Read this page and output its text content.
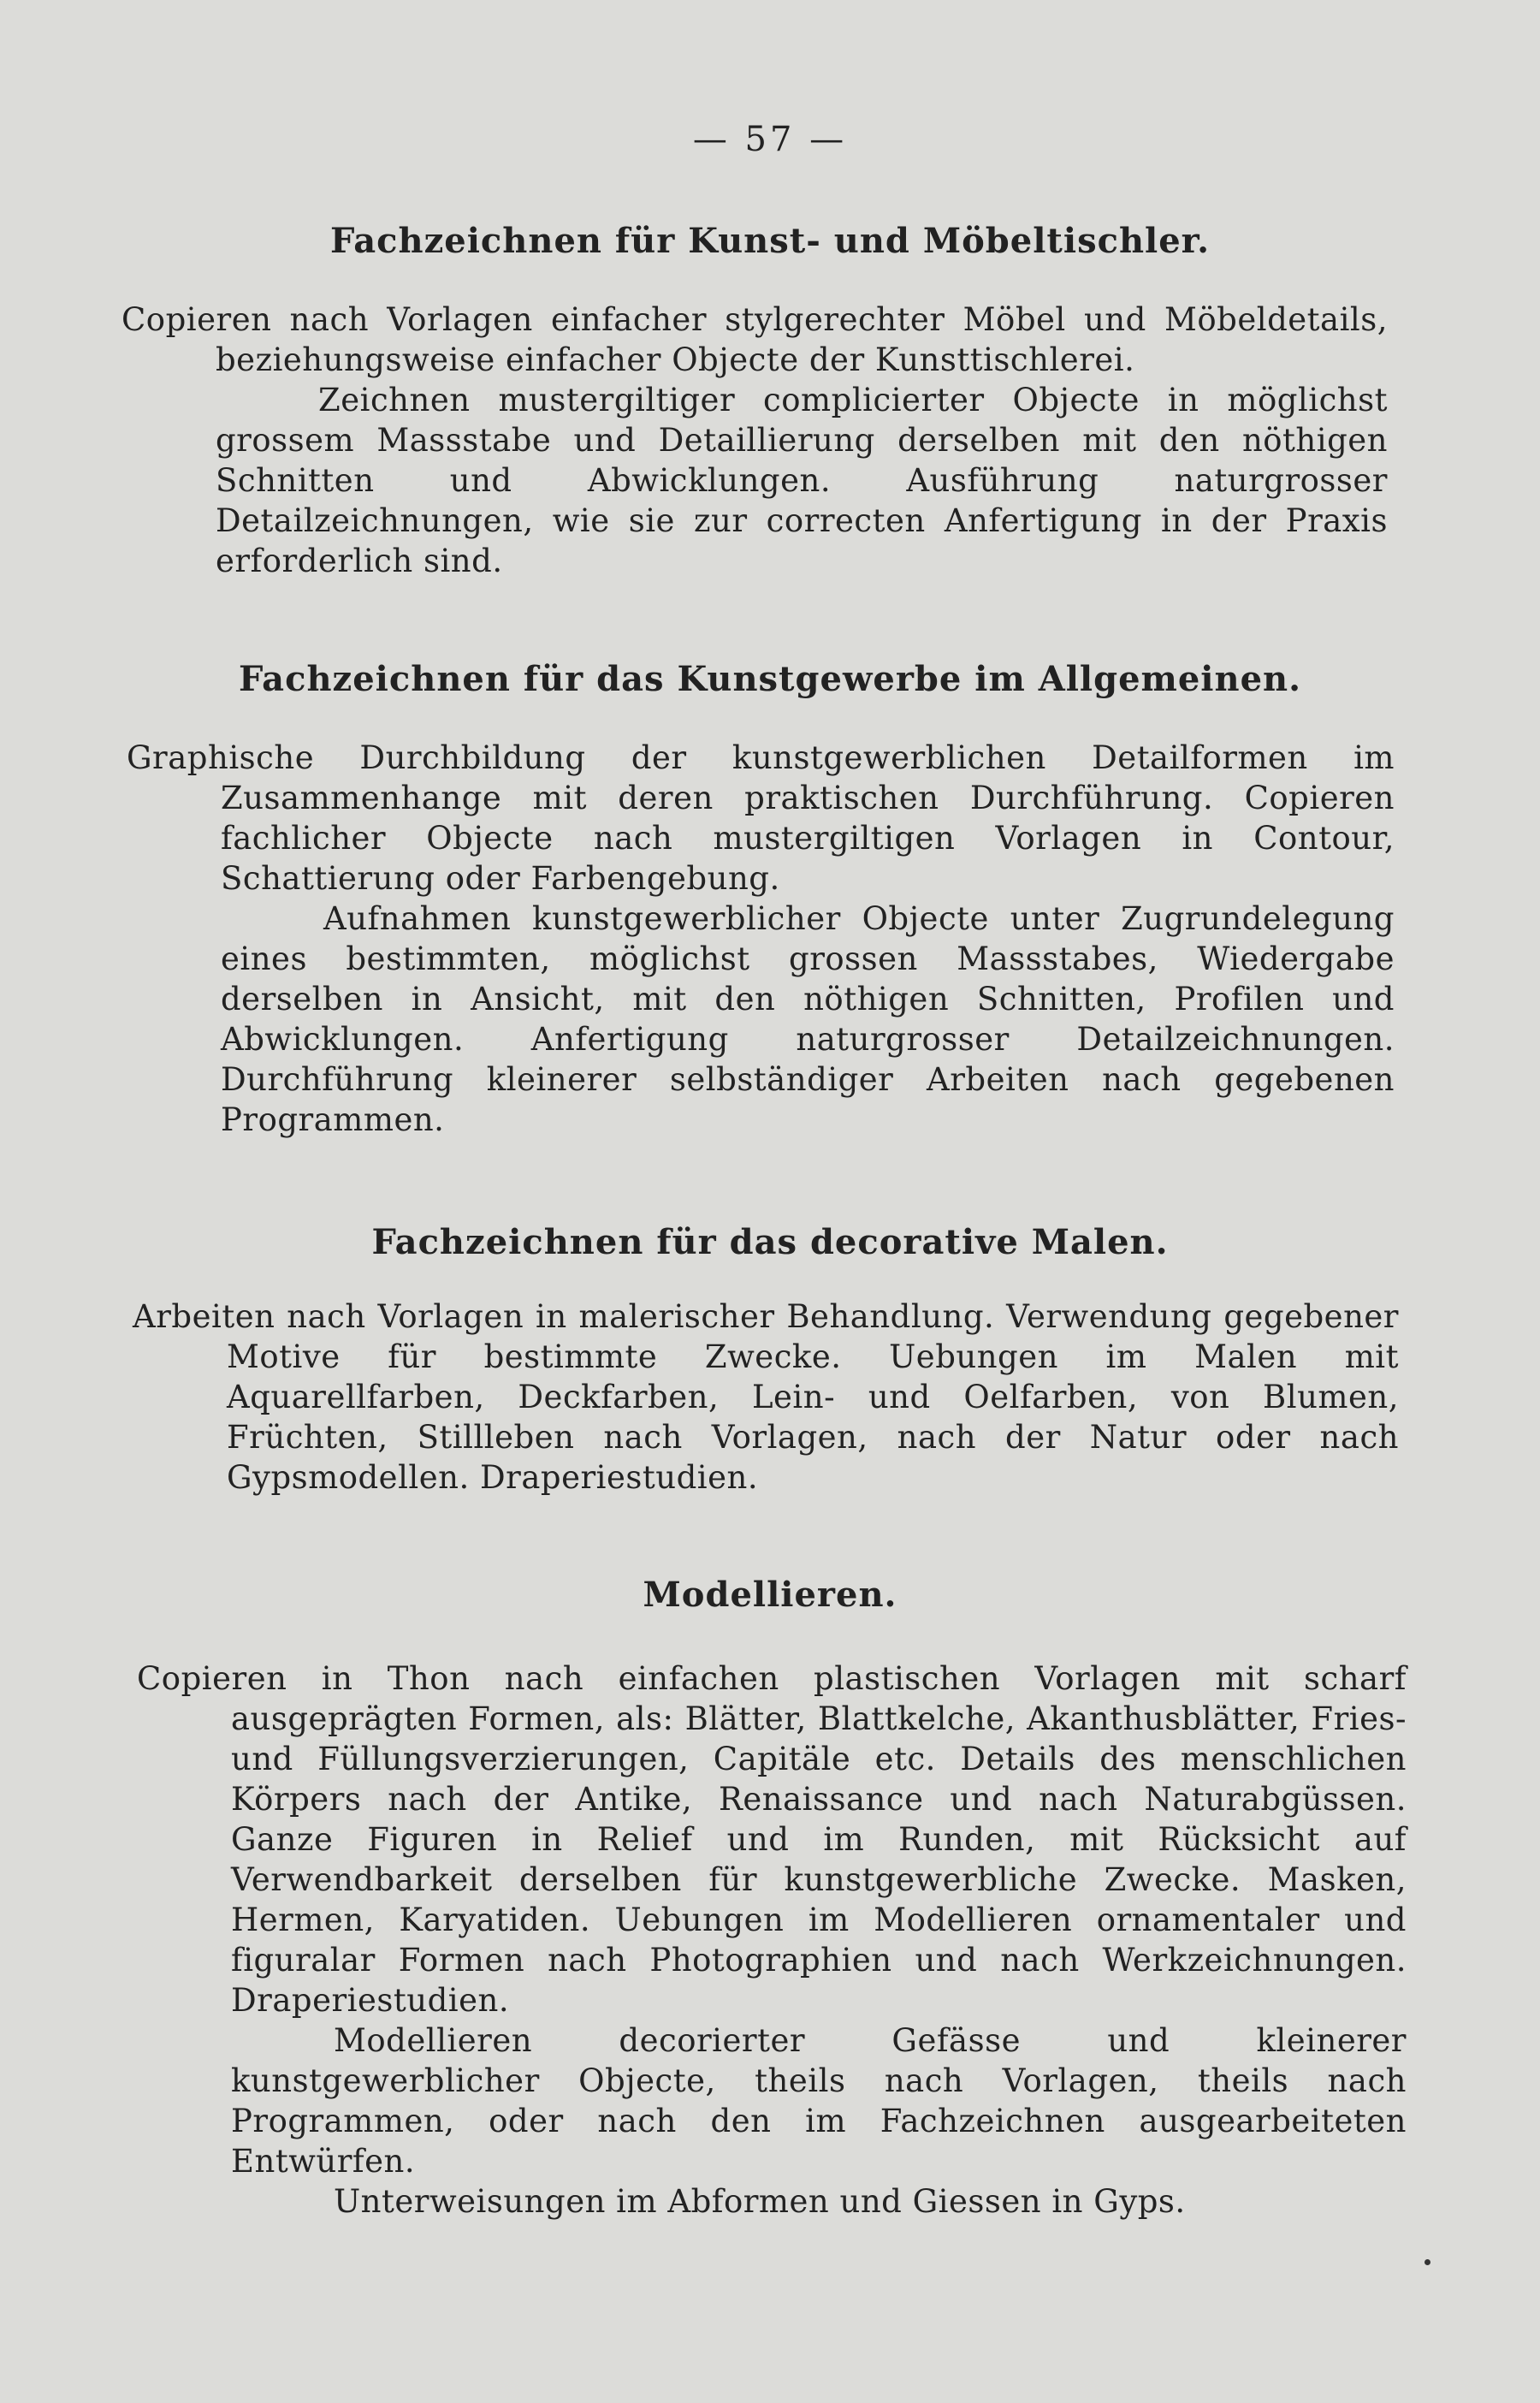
— 57 —
Fachzeichnen für Kunst- und Möbeltischler.

Copieren nach Vorlagen einfacher stylgerechter Möbel und Möbeldetails, beziehungsweise einfacher Objecte der Kunsttischlerei.

Zeichnen mustergiltiger complicierter Objecte in möglichst grossem Massstabe und Detaillierung derselben mit den nöthigen Schnitten und Abwicklungen. Ausführung naturgrosser Detailzeichnungen, wie sie zur correcten Anfertigung in der Praxis erforderlich sind.

Fachzeichnen für das Kunstgewerbe im Allgemeinen.

Graphische Durchbildung der kunstgewerblichen Detailformen im Zusammenhange mit deren praktischen Durchführung. Copieren fachlicher Objecte nach mustergiltigen Vorlagen in Contour, Schattierung oder Farbengebung.

Aufnahmen kunstgewerblicher Objecte unter Zugrundelegung eines bestimmten, möglichst grossen Massstabes, Wiedergabe derselben in Ansicht, mit den nöthigen Schnitten, Profilen und Abwicklungen. Anfertigung naturgrosser Detailzeichnungen. Durchführung kleinerer selbständiger Arbeiten nach gegebenen Programmen.

Fachzeichnen für das decorative Malen.

Arbeiten nach Vorlagen in malerischer Behandlung. Verwendung gegebener Motive für bestimmte Zwecke. Uebungen im Malen mit Aquarellfarben, Deckfarben, Lein- und Oelfarben, von Blumen, Früchten, Stillleben nach Vorlagen, nach der Natur oder nach Gypsmodellen. Draperiestudien.

Modellieren.

Copieren in Thon nach einfachen plastischen Vorlagen mit scharf ausgeprägten Formen, als: Blätter, Blattkelche, Akanthusblätter, Fries- und Füllungsverzierungen, Capitäle etc. Details des menschlichen Körpers nach der Antike, Renaissance und nach Naturabgüssen. Ganze Figuren in Relief und im Runden, mit Rücksicht auf Verwendbarkeit derselben für kunstgewerbliche Zwecke. Masken, Hermen, Karyatiden. Uebungen im Modellieren ornamentaler und figuralar Formen nach Photographien und nach Werkzeichnungen. Draperiestudien.

Modellieren decorierter Gefässe und kleinerer kunstgewerblicher Objecte, theils nach Vorlagen, theils nach Programmen, oder nach den im Fachzeichnen ausgearbeiteten Entwürfen.

Unterweisungen im Abformen und Giessen in Gyps.
